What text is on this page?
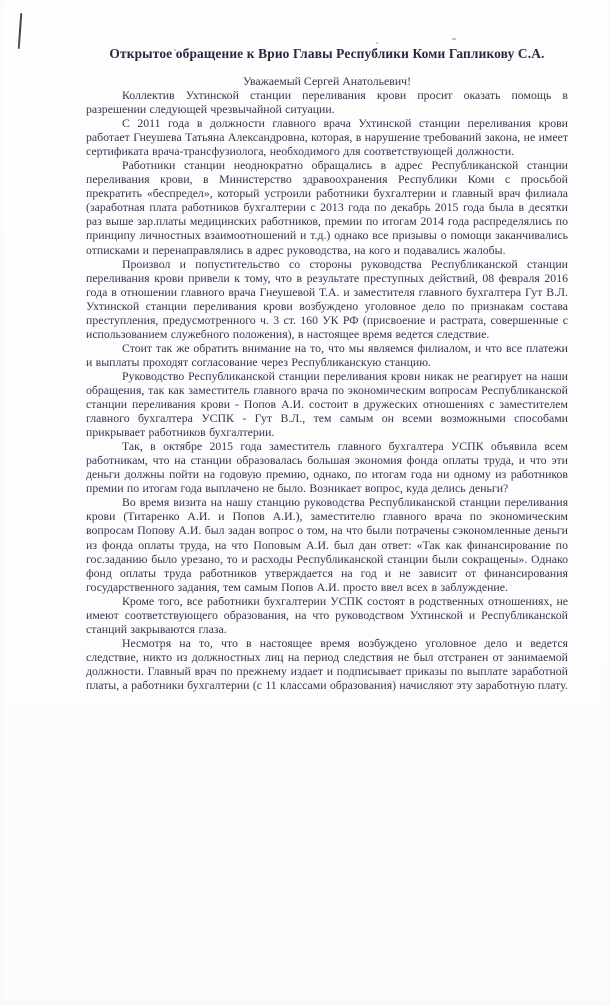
Открытое обращение к Врио Главы Республики Коми Гапликову С.А.

Уважаемый Сергей Анатольевич!

Коллектив Ухтинской станции переливания крови просит оказать помощь в разрешении следующей чрезвычайной ситуации.

С 2011 года в должности главного врача Ухтинской станции переливания крови работает Гнеушева Татьяна Александровна, которая, в нарушение требований закона, не имеет сертификата врача-трансфузиолога, необходимого для соответствующей должности.

Работники станции неоднократно обращались в адрес Республиканской станции переливания крови, в Министерство здравоохранения Республики Коми с просьбой прекратить «беспредел», который устроили работники бухгалтерии и главный врач филиала (заработная плата работников бухгалтерии с 2013 года по декабрь 2015 года была в десятки раз выше зар.платы медицинских работников, премии по итогам 2014 года распределялись по принципу личностных взаимоотношений и т.д.) однако все призывы о помощи заканчивались отписками и перенаправлялись в адрес руководства, на кого и подавались жалобы.

Произвол и попустительство со стороны руководства Республиканской станции переливания крови привели к тому, что в результате преступных действий, 08 февраля 2016 года в отношении главного врача Гнеушевой Т.А. и заместителя главного бухгалтера Гут В.Л. Ухтинской станции переливания крови возбуждено уголовное дело по признакам состава преступления, предусмотренного ч. 3 ст. 160 УК РФ (присвоение и растрата, совершенные с использованием служебного положения), в настоящее время ведется следствие.

Стоит так же обратить внимание на то, что мы являемся филиалом, и что все платежи и выплаты проходят согласование через Республиканскую станцию.

Руководство Республиканской станции переливания крови никак не реагирует на наши обращения, так как заместитель главного врача по экономическим вопросам Республиканской станции переливания крови - Попов А.И. состоит в дружеских отношениях с заместителем главного бухгалтера УСПК - Гут В.Л., тем самым он всеми возможными способами прикрывает работников бухгалтерии.

Так, в октябре 2015 года заместитель главного бухгалтера УСПК объявила всем работникам, что на станции образовалась большая экономия фонда оплаты труда, и что эти деньги должны пойти на годовую премию, однако, по итогам года ни одному из работников премии по итогам года выплачено не было. Возникает вопрос, куда делись деньги?

Во время визита на нашу станцию руководства Республиканской станции переливания крови (Титаренко А.И. и Попов А.И.), заместителю главного врача по экономическим вопросам Попову А.И. был задан вопрос о том, на что были потрачены сэкономленные деньги из фонда оплаты труда, на что Поповым А.И. был дан ответ: «Так как финансирование по гос.заданию было урезано, то и расходы Республиканской станции были сокращены». Однако фонд оплаты труда работников утверждается на год и не зависит от финансирования государственного задания, тем самым Попов А.И. просто ввел всех в заблуждение.

Кроме того, все работники бухгалтерии УСПК состоят в родственных отношениях, не имеют соответствующего образования, на что руководством Ухтинской и Республиканской станций закрываются глаза.

Несмотря на то, что в настоящее время возбуждено уголовное дело и ведется следствие, никто из должностных лиц на период следствия не был отстранен от занимаемой должности. Главный врач по прежнему издает и подписывает приказы по выплате заработной платы, а работники бухгалтерии (с 11 классами образования) начисляют эту заработную плату.
